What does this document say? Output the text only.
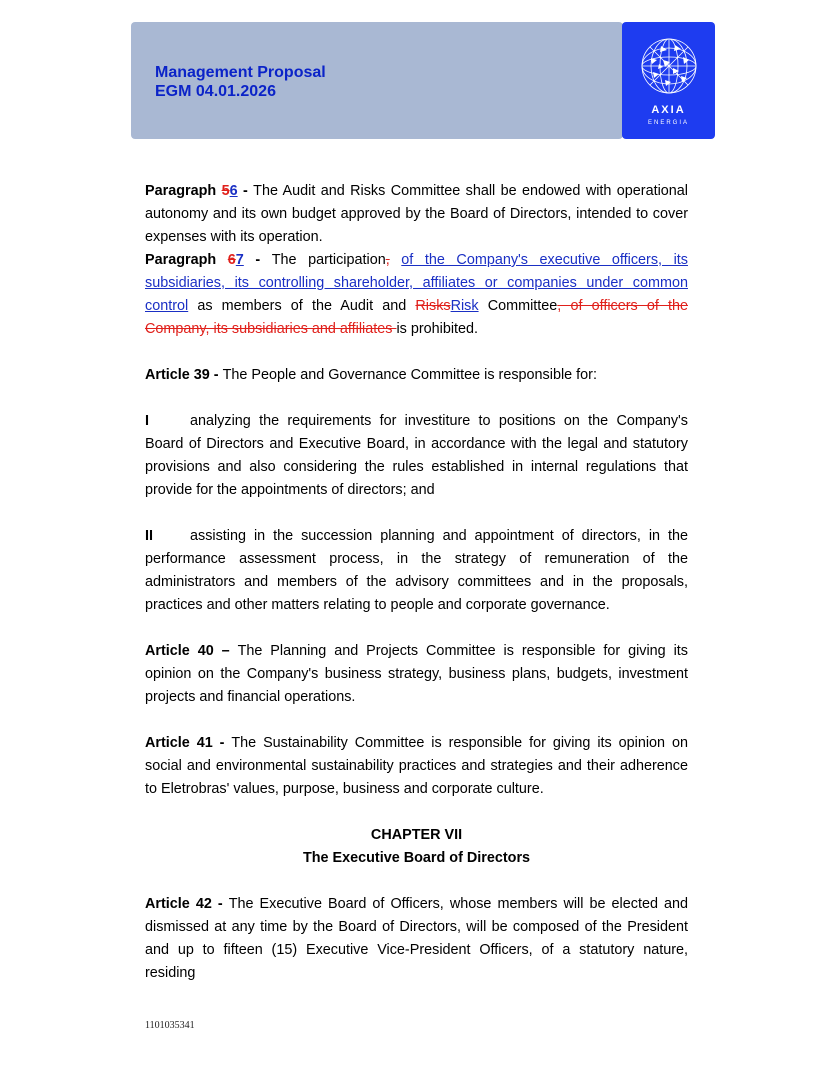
Management Proposal
EGM 04.01.2026
AXIA
ENERGIA

Paragraph 56 - The Audit and Risks Committee shall be endowed with operational autonomy and its own budget approved by the Board of Directors, intended to cover expenses with its operation.

Paragraph 67 - The participation, of the Company's executive officers, its subsidiaries, its controlling shareholder, affiliates or companies under common control as members of the Audit and RisksRisk Committee, of officers of the Company, its subsidiaries and affiliates is prohibited.

Article 39 - The People and Governance Committee is responsible for:

I	analyzing the requirements for investiture to positions on the Company's Board of Directors and Executive Board, in accordance with the legal and statutory provisions and also considering the rules established in internal regulations that provide for the appointments of directors; and

II	assisting in the succession planning and appointment of directors, in the performance assessment process, in the strategy of remuneration of the administrators and members of the advisory committees and in the proposals, practices and other matters relating to people and corporate governance.

Article 40 – The Planning and Projects Committee is responsible for giving its opinion on the Company's business strategy, business plans, budgets, investment projects and financial operations.

Article 41 - The Sustainability Committee is responsible for giving its opinion on social and environmental sustainability practices and strategies and their adherence to Eletrobras' values, purpose, business and corporate culture.

CHAPTER VII

The Executive Board of Directors

Article 42 - The Executive Board of Officers, whose members will be elected and dismissed at any time by the Board of Directors, will be composed of the President and up to fifteen (15) Executive Vice-President Officers, of a statutory nature, residing

1101035341
